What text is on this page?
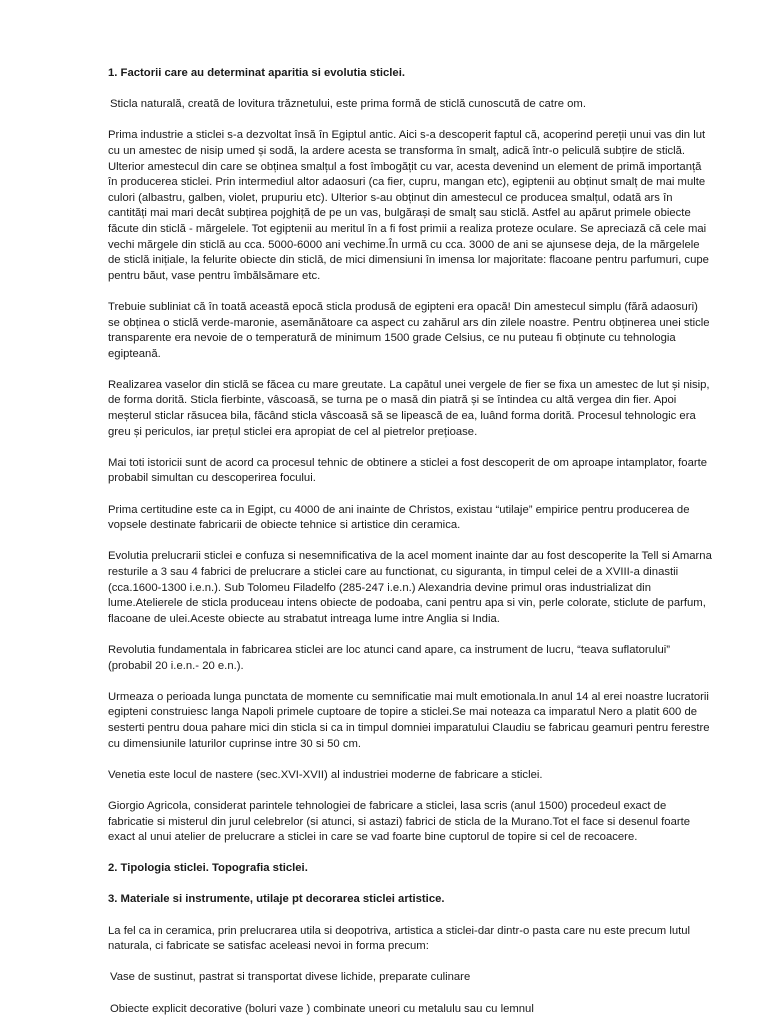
1. Factorii care au determinat aparitia si evolutia sticlei.

Sticla naturală, creată de lovitura trăznetului, este prima formă de sticlă cunoscută de catre om.

Prima industrie a sticlei s-a dezvoltat însă în Egiptul antic. Aici s-a descoperit faptul că, acoperind pereții unui vas din lut cu un amestec de nisip umed și sodă, la ardere acesta se transforma în smalț, adică într-o peliculă subțire de sticlă. Ulterior amestecul din care se obținea smalțul a fost îmbogățit cu var, acesta devenind un element de primă importanță în producerea sticlei. Prin intermediul altor adaosuri (ca fier, cupru, mangan etc), egiptenii au obținut smalț de mai multe culori (albastru, galben, violet, prupuriu etc). Ulterior s-au obținut din amestecul ce producea smalțul, odată ars în cantități mai mari decât subțirea pojghiță de pe un vas, bulgărași de smalț sau sticlă. Astfel au apărut primele obiecte făcute din sticlă - mărgelele. Tot egiptenii au meritul în a fi fost primii a realiza proteze oculare. Se apreciază că cele mai vechi mărgele din sticlă au cca. 5000-6000 ani vechime.În urmă cu cca. 3000 de ani se ajunsese deja, de la mărgelele de sticlă inițiale, la felurite obiecte din sticlă, de mici dimensiuni în imensa lor majoritate: flacoane pentru parfumuri, cupe pentru băut, vase pentru îmbălsămare etc.

Trebuie subliniat că în toată această epocă sticla produsă de egipteni era opacă! Din amestecul simplu (fără adaosuri) se obținea o sticlă verde-maronie, asemănătoare ca aspect cu zahărul ars din zilele noastre. Pentru obținerea unei sticle transparente era nevoie de o temperatură de minimum 1500 grade Celsius, ce nu puteau fi obținute cu tehnologia egipteană.

Realizarea vaselor din sticlă se făcea cu mare greutate. La capătul unei vergele de fier se fixa un amestec de lut și nisip, de forma dorită. Sticla fierbinte, vâscoasă, se turna pe o masă din piatră și se întindea cu altă vergea din fier. Apoi meșterul sticlar răsucea bila, făcând sticla vâscoasă să se lipească de ea, luând forma dorită. Procesul tehnologic era greu și periculos, iar prețul sticlei era apropiat de cel al pietrelor prețioase.

Mai toti istoricii sunt de acord ca procesul tehnic de obtinere a sticlei a fost descoperit de om aproape intamplator, foarte probabil simultan cu descoperirea focului.

Prima certitudine este ca in Egipt, cu 4000 de ani inainte de Christos, existau “utilaje” empirice pentru producerea de vopsele destinate fabricarii de obiecte tehnice si artistice din ceramica.

Evolutia prelucrarii sticlei e confuza si nesemnificativa de la acel moment inainte dar au fost descoperite la Tell si Amarna resturile a 3 sau 4 fabrici de prelucrare a sticlei care au functionat, cu siguranta, in timpul celei de a XVIII-a dinastii (cca.1600-1300 i.e.n.). Sub Tolomeu Filadelfo (285-247 i.e.n.) Alexandria devine primul oras industrializat din lume.Atelierele de sticla produceau intens obiecte de podoaba, cani pentru apa si vin, perle colorate, sticlute de parfum, flacoane de ulei.Aceste obiecte au strabatut intreaga lume intre Anglia si India.

Revolutia fundamentala in fabricarea sticlei are loc atunci cand apare, ca instrument de lucru, “teava suflatorului” (probabil 20 i.e.n.- 20 e.n.).

Urmeaza o perioada lunga punctata de momente cu semnificatie mai mult emotionala.In anul 14 al erei noastre lucratorii egipteni construiesc langa Napoli primele cuptoare de topire a sticlei.Se mai noteaza ca imparatul Nero a platit 600 de sesterti pentru doua pahare mici din sticla si ca in timpul domniei imparatului Claudiu se fabricau geamuri pentru ferestre cu dimensiunile laturilor cuprinse intre 30 si 50 cm.

Venetia este locul de nastere (sec.XVI-XVII) al industriei moderne de fabricare a sticlei.

Giorgio Agricola, considerat parintele tehnologiei de fabricare a sticlei, lasa scris (anul 1500) procedeul exact de fabricatie si misterul din jurul celebrelor (si atunci, si astazi) fabrici de sticla de la Murano.Tot el face si desenul foarte exact al unui atelier de prelucrare a sticlei in care se vad foarte bine cuptorul de topire si cel de recoacere.

2. Tipologia sticlei. Topografia sticlei.

3. Materiale si instrumente, utilaje pt decorarea sticlei artistice.

La fel ca in ceramica, prin prelucrarea utila si deopotriva, artistica a sticlei-dar dintr-o pasta care nu este precum lutul naturala, ci fabricate se satisfac aceleasi nevoi in forma precum:

Vase de sustinut, pastrat si transportat divese lichide, preparate culinare

Obiecte explicit decorative (boluri vaze ) combinate uneori cu metalulu sau cu lemnul
